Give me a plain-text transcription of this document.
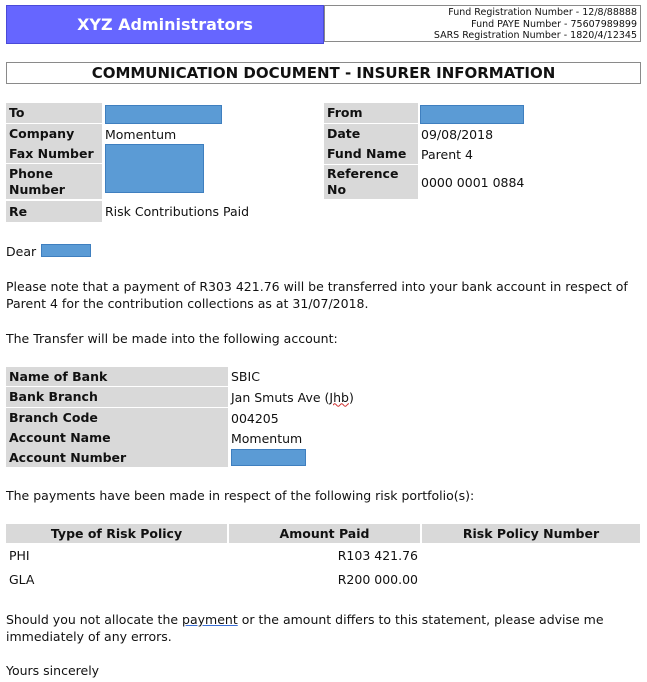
XYZ Administrators
Fund Registration Number - 12/8/88888
Fund PAYE Number - 75607989899
SARS Registration Number - 1820/4/12345
COMMUNICATION DOCUMENT - INSURER INFORMATION
To
Company	Momentum
Fax Number
Phone Number
Re	Risk Contributions Paid
From
Date	09/08/2018
Fund Name	Parent 4
Reference No	0000 0001 0884
Dear
Please note that a payment of R303 421.76 will be transferred into your bank account in respect of Parent 4 for the contribution collections as at 31/07/2018.
The Transfer will be made into the following account:
Name of Bank	SBIC
Bank Branch	Jan Smuts Ave ( Jhb )
Branch Code	004205
Account Name	Momentum
Account Number
The payments have been made in respect of the following risk portfolio(s):
Type of Risk Policy	Amount Paid	Risk Policy Number
PHI	R103 421.76
GLA	R200 000.00
Should you not allocate the payment or the amount differs to this statement, please advise me immediately of any errors.
Yours sincerely
